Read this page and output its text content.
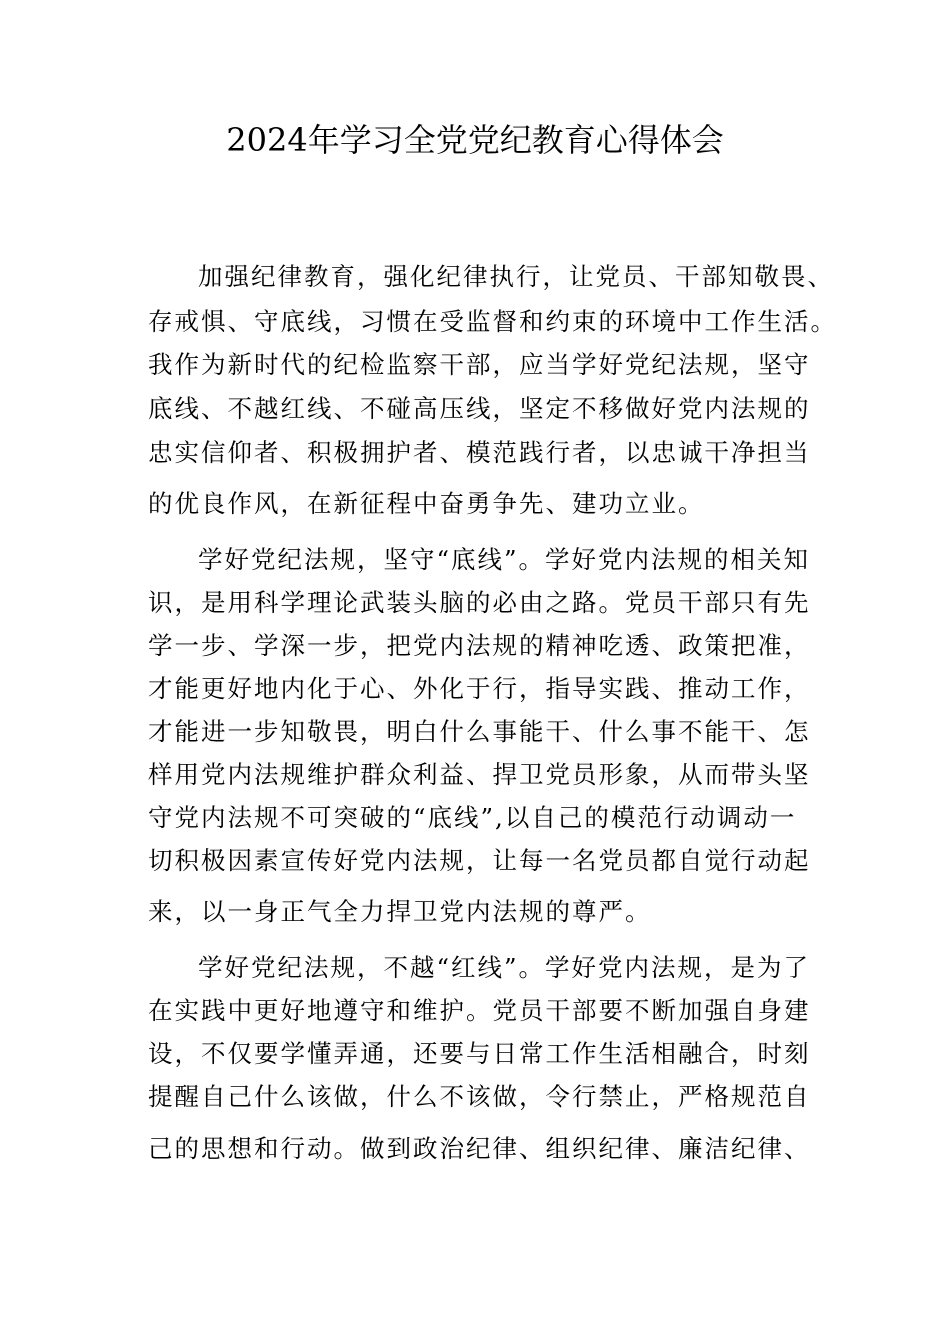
2024年学习全党党纪教育心得体会

加强纪律教育，强化纪律执行，让党员、干部知敬畏、

存戒惧、守底线，习惯在受监督和约束的环境中工作生活。

我作为新时代的纪检监察干部，应当学好党纪法规，坚守

底线、不越红线、不碰高压线，坚定不移做好党内法规的

忠实信仰者、积极拥护者、模范践行者，以忠诚干净担当

的优良作风，在新征程中奋勇争先、建功立业。

学好党纪法规，坚守“底线”。学好党内法规的相关知

识，是用科学理论武装头脑的必由之路。党员干部只有先

学一步、学深一步，把党内法规的精神吃透、政策把准，

才能更好地内化于心、外化于行，指导实践、推动工作，

才能进一步知敬畏，明白什么事能干、什么事不能干、怎

样用党内法规维护群众利益、捍卫党员形象，从而带头坚

守党内法规不可突破的“底线”,以自己的模范行动调动一

切积极因素宣传好党内法规，让每一名党员都自觉行动起

来，以一身正气全力捍卫党内法规的尊严。

学好党纪法规，不越“红线”。学好党内法规，是为了

在实践中更好地遵守和维护。党员干部要不断加强自身建

设，不仅要学懂弄通，还要与日常工作生活相融合，时刻

提醒自己什么该做，什么不该做，令行禁止，严格规范自

己的思想和行动。做到政治纪律、组织纪律、廉洁纪律、
